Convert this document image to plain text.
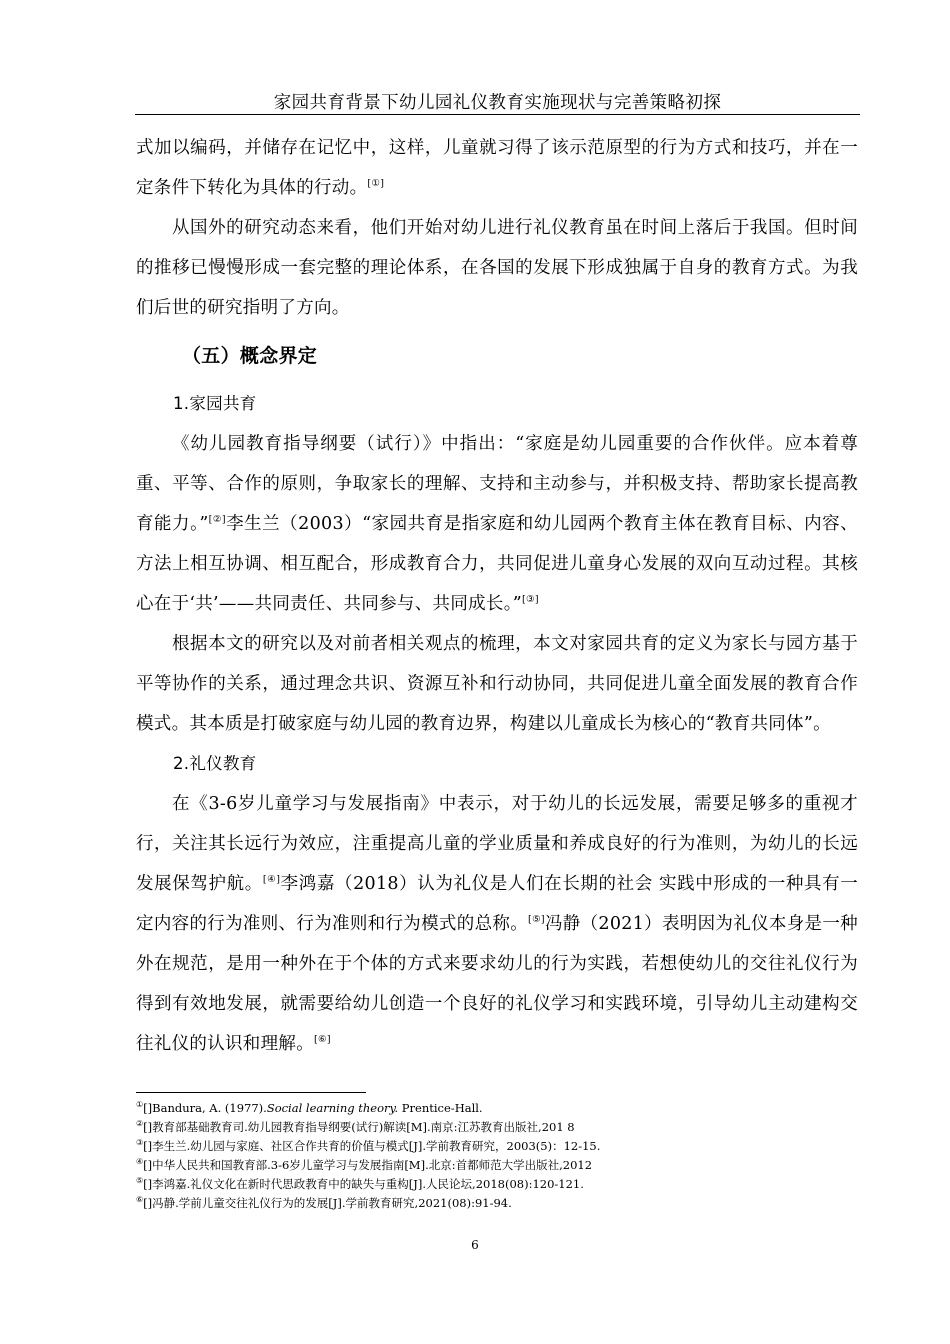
家园共育背景下幼儿园礼仪教育实施现状与完善策略初探

式加以编码，并储存在记忆中，这样，儿童就习得了该示范原型的行为方式和技巧，并在一定条件下转化为具体的行动。[①]

从国外的研究动态来看，他们开始对幼儿进行礼仪教育虽在时间上落后于我国。但时间的推移已慢慢形成一套完整的理论体系，在各国的发展下形成独属于自身的教育方式。为我们后世的研究指明了方向。

（五）概念界定
1.家园共育

《幼儿园教育指导纲要（试行）》中指出：“家庭是幼儿园重要的合作伙伴。应本着尊重、平等、合作的原则，争取家长的理解、支持和主动参与，并积极支持、帮助家长提高教育能力。”[②]李生兰（2003）“家园共育是指家庭和幼儿园两个教育主体在教育目标、内容、方法上相互协调、相互配合，形成教育合力，共同促进儿童身心发展的双向互动过程。其核心在于‘共’——共同责任、共同参与、共同成长。”[③]

根据本文的研究以及对前者相关观点的梳理，本文对家园共育的定义为家长与园方基于平等协作的关系，通过理念共识、资源互补和行动协同，共同促进儿童全面发展的教育合作模式。其本质是打破家庭与幼儿园的教育边界，构建以儿童成长为核心的“教育共同体”。

2.礼仪教育

在《3-6岁儿童学习与发展指南》中表示，对于幼儿的长远发展，需要足够多的重视才行，关注其长远行为效应，注重提高儿童的学业质量和养成良好的行为准则，为幼儿的长远发展保驾护航。[④]李鸿嘉（2018）认为礼仪是人们在长期的社会 实践中形成的一种具有一定内容的行为准则、行为准则和行为模式的总称。[⑤]冯静（2021）表明因为礼仪本身是一种外在规范，是用一种外在于个体的方式来要求幼儿的行为实践，若想使幼儿的交往礼仪行为得到有效地发展，就需要给幼儿创造一个良好的礼仪学习和实践环境，引导幼儿主动建构交往礼仪的认识和理解。[⑥]

①[]Bandura, A. (1977).Social learning theory. Prentice-Hall.
②[]教育部基础教育司.幼儿园教育指导纲要(试行)解读[M].南京:江苏教育出版社,201 8
③[]李生兰.幼儿园与家庭、社区合作共育的价值与模式[J].学前教育研究，2003(5)：12-15.
④[]中华人民共和国教育部.3-6岁儿童学习与发展指南[M].北京:首都师范大学出版社,2012
⑤[]李鸿嘉.礼仪文化在新时代思政教育中的缺失与重构[J].人民论坛,2018(08):120-121.
⑥[]冯静.学前儿童交往礼仪行为的发展[J].学前教育研究,2021(08):91-94.
6
